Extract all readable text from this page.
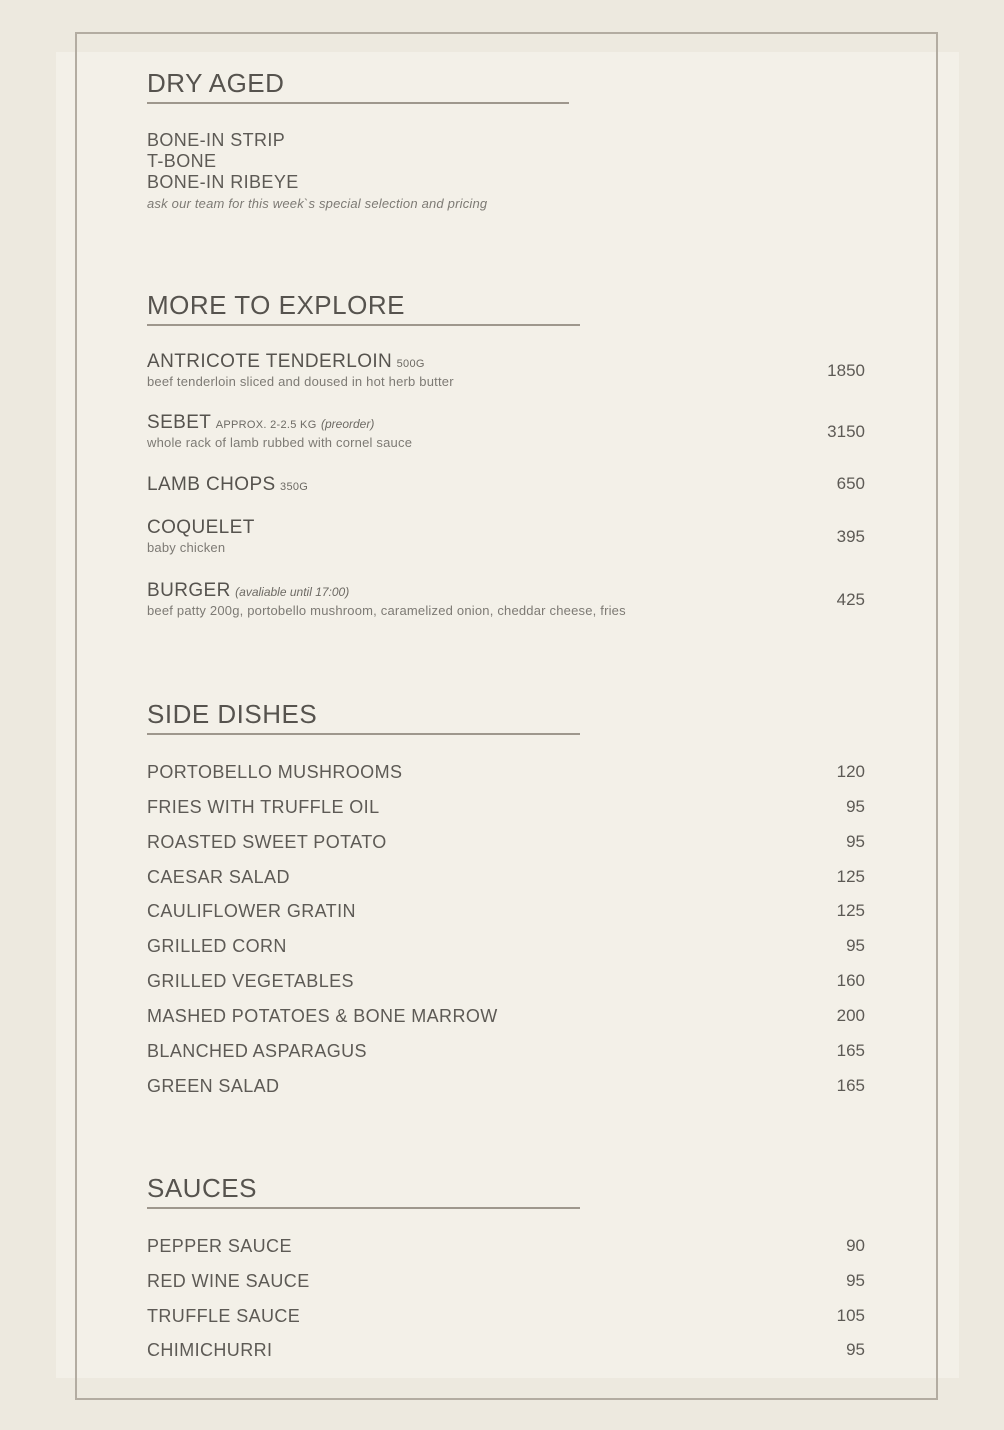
DRY AGED
BONE-IN STRIP
T-BONE
BONE-IN RIBEYE
ask our team for this week`s special selection and pricing
MORE TO EXPLORE
ANTRICOTE TENDERLOIN 500G
beef tenderloin sliced and doused in hot herb butter
1850
SEBET APPROX. 2-2.5 KG (preorder)
whole rack of lamb rubbed with cornel sauce
3150
LAMB CHOPS 350G	650
COQUELET
baby chicken
395
BURGER (avaliable until 17:00)
beef patty 200g, portobello mushroom, caramelized onion, cheddar cheese, fries
425
SIDE DISHES
PORTOBELLO MUSHROOMS	120
FRIES WITH TRUFFLE OIL	95
ROASTED SWEET POTATO	95
CAESAR SALAD	125
CAULIFLOWER GRATIN	125
GRILLED CORN	95
GRILLED VEGETABLES	160
MASHED POTATOES & BONE MARROW	200
BLANCHED ASPARAGUS	165
GREEN SALAD	165
SAUCES
PEPPER SAUCE	90
RED WINE SAUCE	95
TRUFFLE SAUCE	105
CHIMICHURRI	95
